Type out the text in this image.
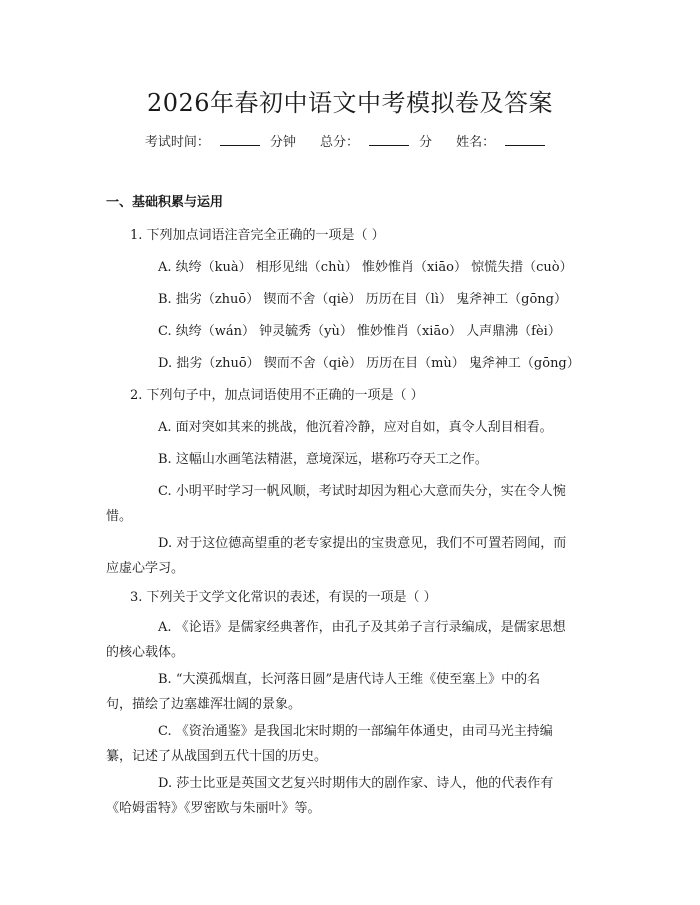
2026年春初中语文中考模拟卷及答案
考试时间：	分钟 总分：	分 姓名：
一、基础积累与运用
1. 下列加点词语注音完全正确的一项是（ ）
A. 纨绔（kuà） 相形见绌（chù） 惟妙惟肖（xiāo） 惊慌失措（cuò）
B. 拙劣（zhuō） 锲而不舍（qiè） 历历在目（lì） 鬼斧神工（gōng）
C. 纨绔（wán） 钟灵毓秀（yù） 惟妙惟肖（xiāo） 人声鼎沸（fèi）
D. 拙劣（zhuō） 锲而不舍（qiè） 历历在目（mù） 鬼斧神工（gōng）
2. 下列句子中，加点词语使用不正确的一项是（ ）
A. 面对突如其来的挑战，他沉着冷静，应对自如，真令人刮目相看。
B. 这幅山水画笔法精湛，意境深远，堪称巧夺天工之作。
C. 小明平时学习一帆风顺，考试时却因为粗心大意而失分，实在令人惋
惜。
D. 对于这位德高望重的老专家提出的宝贵意见，我们不可置若罔闻，而
应虚心学习。
3. 下列关于文学文化常识的表述，有误的一项是（ ）
A. 《论语》是儒家经典著作，由孔子及其弟子言行录编成，是儒家思想
的核心载体。
B. “大漠孤烟直，长河落日圆”是唐代诗人王维《使至塞上》中的名
句，描绘了边塞雄浑壮阔的景象。
C. 《资治通鉴》是我国北宋时期的一部编年体通史，由司马光主持编
纂，记述了从战国到五代十国的历史。
D. 莎士比亚是英国文艺复兴时期伟大的剧作家、诗人，他的代表作有
《哈姆雷特》《罗密欧与朱丽叶》等。
